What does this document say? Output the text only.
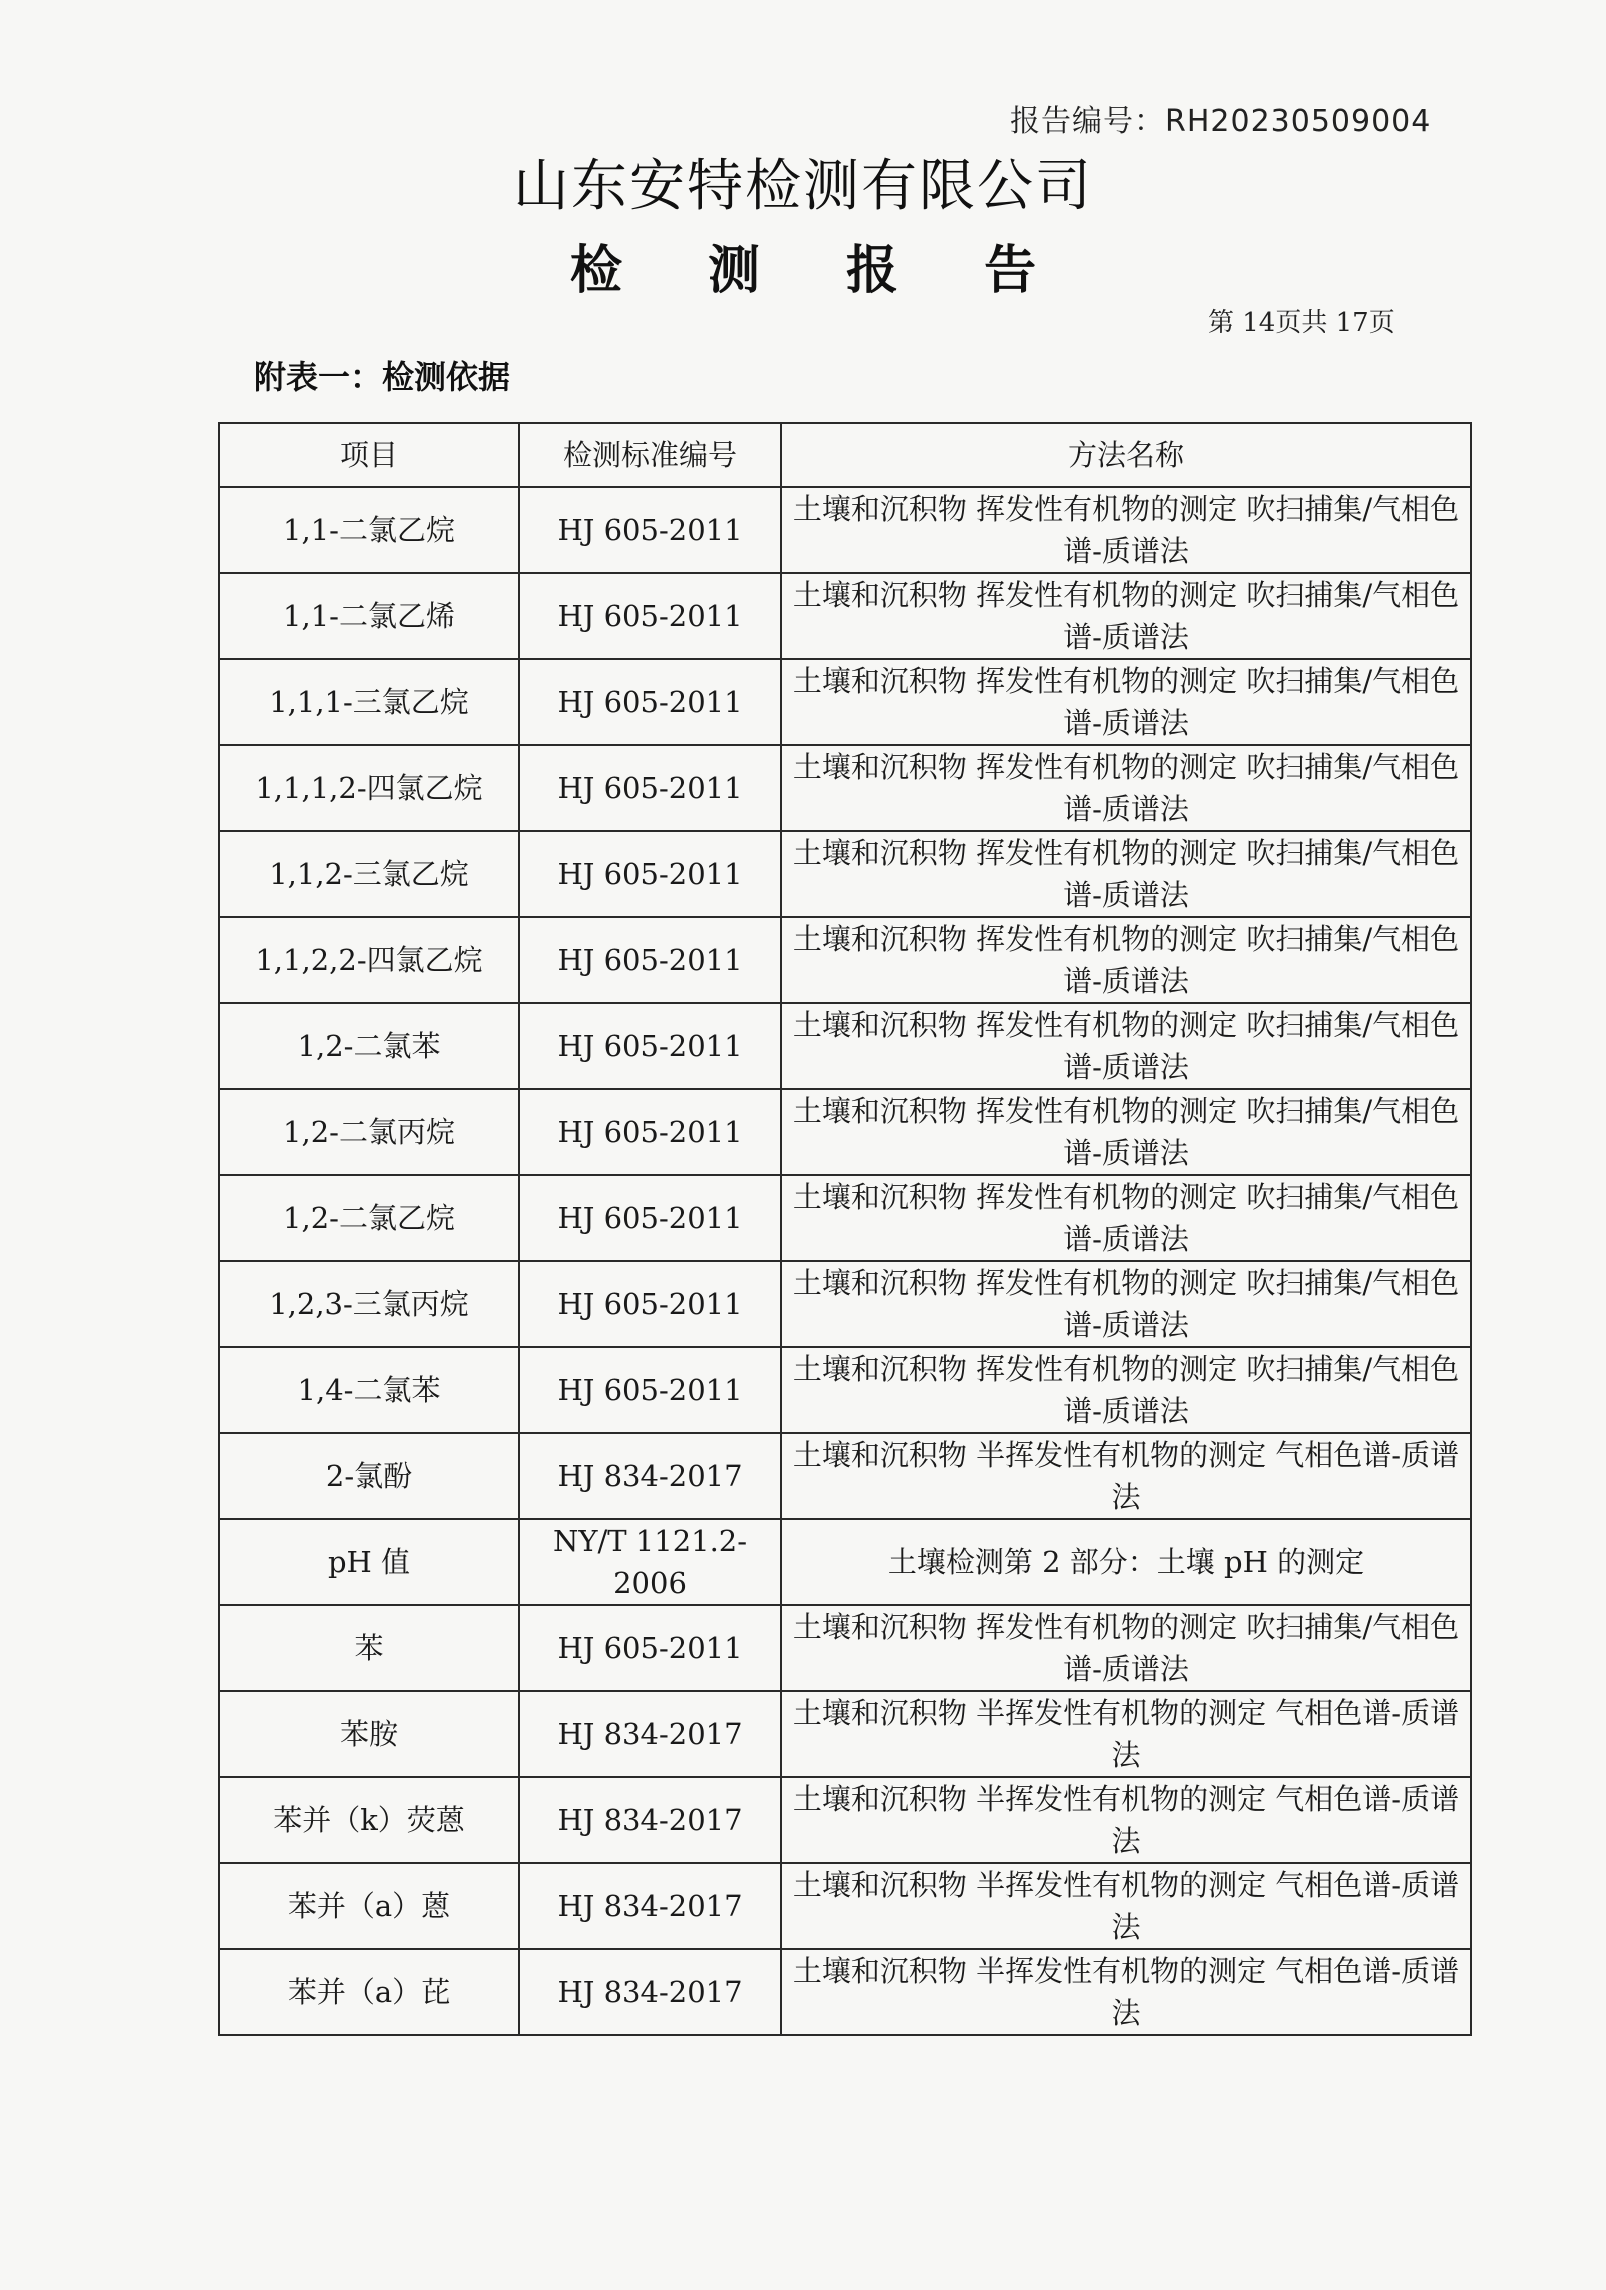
报告编号：RH20230509004
山东安特检测有限公司
检 测 报 告
第 14页共 17页
附表一：检测依据
项目	检测标准编号	方法名称
1,1-二氯乙烷	HJ 605-2011	土壤和沉积物 挥发性有机物的测定 吹扫捕集/气相色谱-质谱法
1,1-二氯乙烯	HJ 605-2011	土壤和沉积物 挥发性有机物的测定 吹扫捕集/气相色谱-质谱法
1,1,1-三氯乙烷	HJ 605-2011	土壤和沉积物 挥发性有机物的测定 吹扫捕集/气相色谱-质谱法
1,1,1,2-四氯乙烷	HJ 605-2011	土壤和沉积物 挥发性有机物的测定 吹扫捕集/气相色谱-质谱法
1,1,2-三氯乙烷	HJ 605-2011	土壤和沉积物 挥发性有机物的测定 吹扫捕集/气相色谱-质谱法
1,1,2,2-四氯乙烷	HJ 605-2011	土壤和沉积物 挥发性有机物的测定 吹扫捕集/气相色谱-质谱法
1,2-二氯苯	HJ 605-2011	土壤和沉积物 挥发性有机物的测定 吹扫捕集/气相色谱-质谱法
1,2-二氯丙烷	HJ 605-2011	土壤和沉积物 挥发性有机物的测定 吹扫捕集/气相色谱-质谱法
1,2-二氯乙烷	HJ 605-2011	土壤和沉积物 挥发性有机物的测定 吹扫捕集/气相色谱-质谱法
1,2,3-三氯丙烷	HJ 605-2011	土壤和沉积物 挥发性有机物的测定 吹扫捕集/气相色谱-质谱法
1,4-二氯苯	HJ 605-2011	土壤和沉积物 挥发性有机物的测定 吹扫捕集/气相色谱-质谱法
2-氯酚	HJ 834-2017	土壤和沉积物 半挥发性有机物的测定 气相色谱-质谱法
pH 值	NY/T 1121.2-2006	土壤检测第 2 部分：土壤 pH 的测定
苯	HJ 605-2011	土壤和沉积物 挥发性有机物的测定 吹扫捕集/气相色谱-质谱法
苯胺	HJ 834-2017	土壤和沉积物 半挥发性有机物的测定 气相色谱-质谱法
苯并（k）荧蒽	HJ 834-2017	土壤和沉积物 半挥发性有机物的测定 气相色谱-质谱法
苯并（a）蒽	HJ 834-2017	土壤和沉积物 半挥发性有机物的测定 气相色谱-质谱法
苯并（a）芘	HJ 834-2017	土壤和沉积物 半挥发性有机物的测定 气相色谱-质谱法
